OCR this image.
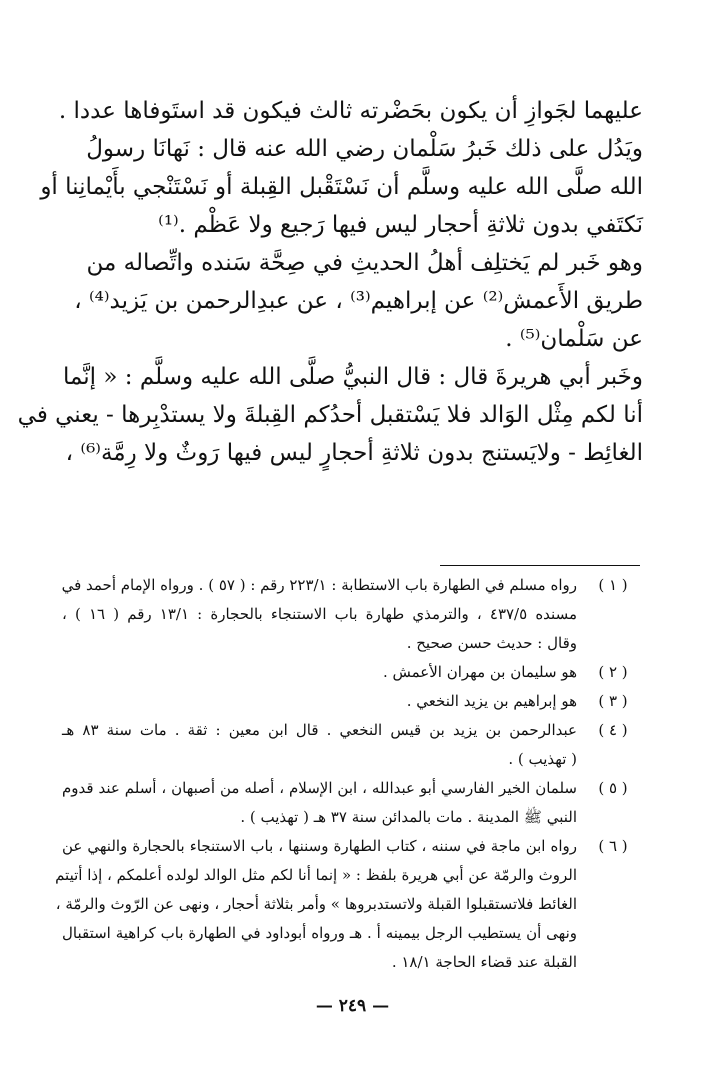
عليهما لجَوازِ أن يكون بحَضْرته ثالث فيكون قد استَوفاها عددا .
ويَدُل على ذلك خَبرُ سَلْمان رضي الله عنه قال : نَهانَا رسولُ
الله صلَّى الله عليه وسلَّم أن نَسْتَقْبل القِبلة أو نَسْتَنْجي بأَيْمانِنا أو
نَكتَفي بدون ثلاثةِ أحجار ليس فيها رَجيع ولا عَظْم .⁽¹⁾
وهو خَبر لم يَختلِف أهلُ الحديثِ في صِحَّة سَنده واتِّصاله من
طريق الأَعمش⁽²⁾ عن إبراهيم⁽³⁾ ، عن عبدِالرحمن بن يَزيد⁽⁴⁾ ،
عن سَلْمان⁽⁵⁾ .
وخَبر أبي هريرةَ قال : قال النبيُّ صلَّى الله عليه وسلَّم : « إنَّما
أنا لكم مِثْل الوَالد فلا يَسْتقبل أحدُكم القِبلةَ ولا يستدْبِرها - يعني في
الغائِط - ولايَستنج بدون ثلاثةِ أحجارٍ ليس فيها رَوثٌ ولا رِمَّة⁽⁶⁾ ،
( ١ )
رواه مسلم في الطهارة باب الاستطابة : ٢٢٣/١ رقم : ( ٥٧ ) . ورواه الإمام أحمد في
مسنده ٤٣٧/٥ ، والترمذي طهارة باب الاستنجاء بالحجارة : ١٣/١ رقم ( ١٦ ) ،
وقال : حديث حسن صحيح .
( ٢ )
هو سليمان بن مهران الأعمش .
( ٣ )
هو إبراهيم بن يزيد النخعي .
( ٤ )
عبدالرحمن بن يزيد بن قيس النخعي . قال ابن معين : ثقة . مات سنة ٨٣ هـ
( تهذيب ) .
( ٥ )
سلمان الخير الفارسي أبو عبدالله ، ابن الإسلام ، أصله من أصبهان ، أسلم عند قدوم
النبي ﷺ المدينة . مات بالمدائن سنة ٣٧ هـ ( تهذيب ) .
( ٦ )
رواه ابن ماجة في سننه ، كتاب الطهارة وسننها ، باب الاستنجاء بالحجارة والنهي عن
الروث والرمّة عن أبي هريرة بلفظ : « إنما أنا لكم مثل الوالد لولده أعلمكم ، إذا أتيتم
الغائط فلاتستقبلوا القبلة ولاتستدبروها » وأمر بثلاثة أحجار ، ونهى عن الرّوث والرمّة ،
ونهى أن يستطيب الرجل بيمينه أ . هـ ورواه أبوداود في الطهارة باب كراهية استقبال
القبلة عند قضاء الحاجة ١٨/١ .
— ٢٤٩ —
